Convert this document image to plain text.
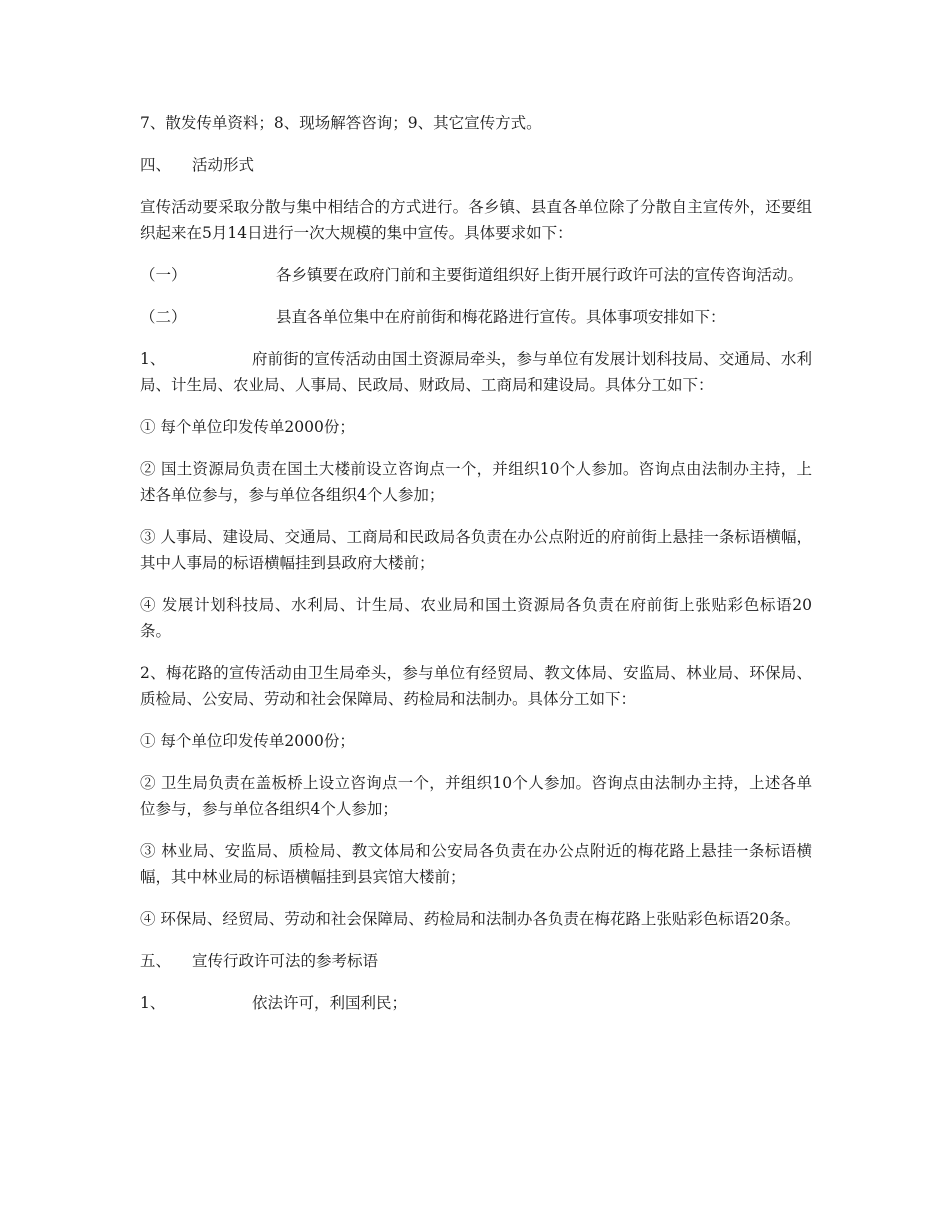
7、散发传单资料；8、现场解答咨询；9、其它宣传方式。

四、 活动形式

宣传活动要采取分散与集中相结合的方式进行。各乡镇、县直各单位除了分散自主宣传外，还要组织起来在5月14日进行一次大规模的集中宣传。具体要求如下：

（一）	各乡镇要在政府门前和主要街道组织好上街开展行政许可法的宣传咨询活动。

（二）	县直各单位集中在府前街和梅花路进行宣传。具体事项安排如下：

1、	府前街的宣传活动由国土资源局牵头，参与单位有发展计划科技局、交通局、水利局、计生局、农业局、人事局、民政局、财政局、工商局和建设局。具体分工如下：

① 每个单位印发传单2000份；

② 国土资源局负责在国土大楼前设立咨询点一个，并组织10个人参加。咨询点由法制办主持，上述各单位参与，参与单位各组织4个人参加；

③ 人事局、建设局、交通局、工商局和民政局各负责在办公点附近的府前街上悬挂一条标语横幅，其中人事局的标语横幅挂到县政府大楼前；

④ 发展计划科技局、水利局、计生局、农业局和国土资源局各负责在府前街上张贴彩色标语20条。

2、梅花路的宣传活动由卫生局牵头，参与单位有经贸局、教文体局、安监局、林业局、环保局、质检局、公安局、劳动和社会保障局、药检局和法制办。具体分工如下：

① 每个单位印发传单2000份；

② 卫生局负责在盖板桥上设立咨询点一个，并组织10个人参加。咨询点由法制办主持，上述各单位参与，参与单位各组织4个人参加；

③ 林业局、安监局、质检局、教文体局和公安局各负责在办公点附近的梅花路上悬挂一条标语横幅，其中林业局的标语横幅挂到县宾馆大楼前；

④ 环保局、经贸局、劳动和社会保障局、药检局和法制办各负责在梅花路上张贴彩色标语20条。

五、 宣传行政许可法的参考标语

1、	依法许可，利国利民；
